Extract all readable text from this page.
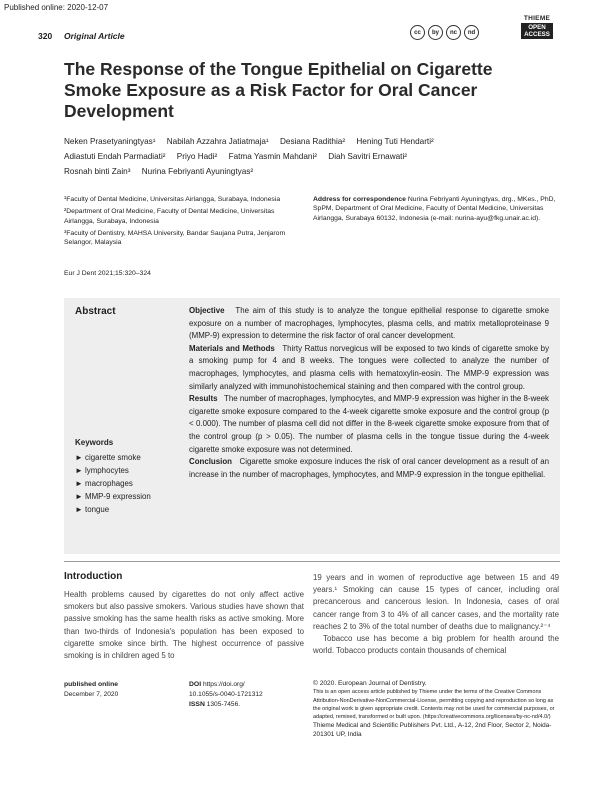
Published online: 2020-12-07
320 Original Article	cc	by	nc	nd
THIEME
OPEN
ACCESS
The Response of the Tongue Epithelial on Cigarette Smoke Exposure as a Risk Factor for Oral Cancer Development
Neken Prasetyaningtyas¹ Nabilah Azzahra Jatiatmaja¹ Desiana Radithia² Hening Tuti Hendarti²
Adiastuti Endah Parmadiati² Priyo Hadi² Fatma Yasmin Mahdani² Diah Savitri Ernawati²
Rosnah binti Zain³ Nurina Febriyanti Ayuningtyas²
¹Faculty of Dental Medicine, Universitas Airlangga, Surabaya, Indonesia
²Department of Oral Medicine, Faculty of Dental Medicine, Universitas Airlangga, Surabaya, Indonesia
³Faculty of Dentistry, MAHSA University, Bandar Saujana Putra, Jenjarom Selangor, Malaysia
Address for correspondence Nurina Febriyanti Ayuningtyas, drg., MKes., PhD, SpPM, Department of Oral Medicine, Faculty of Dental Medicine, Universitas Airlangga, Surabaya 60132, Indonesia (e-mail: nurina-ayu@fkg.unair.ac.id).
Eur J Dent 2021;15:320–324
Abstract	Objective The aim of this study is to analyze the tongue epithelial response to cigarette smoke exposure on a number of macrophages, lymphocytes, plasma cells, and matrix metalloproteinase 9 (MMP-9) expression to determine the risk factor of oral cancer development.
Materials and Methods Thirty Rattus norvegicus will be exposed to two kinds of cigarette smoke by a smoking pump for 4 and 8 weeks. The tongues were collected to analyze the number of macrophages, lymphocytes, and plasma cells with hematoxylin-eosin. The MMP-9 expression was similarly analyzed with immunohistochemical staining and then compared with the control group.
Results The number of macrophages, lymphocytes, and MMP-9 expression was higher in the 8-week cigarette smoke exposure compared to the 4-week cigarette smoke exposure and the control group (p < 0.000). The number of plasma cell did not differ in the 8-week cigarette smoke exposure from that of the control group (p > 0.05). The number of plasma cells in the tongue tissue during the 4-week cigarette smoke exposure was not determined.
Conclusion Cigarette smoke exposure induces the risk of oral cancer development as a result of an increase in the number of macrophages, lymphocytes, and MMP-9 expression in the tongue epithelial.
Keywords
► cigarette smoke
► lymphocytes
► macrophages
► MMP-9 expression
► tongue
Introduction

Health problems caused by cigarettes do not only affect active smokers but also passive smokers. Various studies have shown that passive smoking has the same health risks as active smoking. More than two-thirds of Indonesia's population has been exposed to cigarette smoke since birth. The highest occurrence of passive smoking is in children aged 5 to

19 years and in women of reproductive age between 15 and 49 years.¹ Smoking can cause 15 types of cancer, including oral precancerous and cancerous lesion. In Indonesia, cases of oral cancer range from 3 to 4% of all cancer cases, and the mortality rate reaches 2 to 3% of the total number of deaths due to malignancy.²⁻⁴

Tobacco use has become a big problem for health around the world. Tobacco products contain thousands of chemical

published online
December 7, 2020
DOI https://doi.org/
10.1055/s-0040-1721312
ISSN 1305-7456.
© 2020. European Journal of Dentistry.
This is an open access article published by Thieme under the terms of the Creative Commons Attribution-NonDerivative-NonCommercial-License, permitting copying and reproduction so long as the original work is given appropriate credit. Contents may not be used for commercial purposes, or adapted, remixed, transformed or built upon. (https://creativecommons.org/licenses/by-nc-nd/4.0/)
Thieme Medical and Scientific Publishers Pvt. Ltd., A-12, 2nd Floor, Sector 2, Noida-201301 UP, India
